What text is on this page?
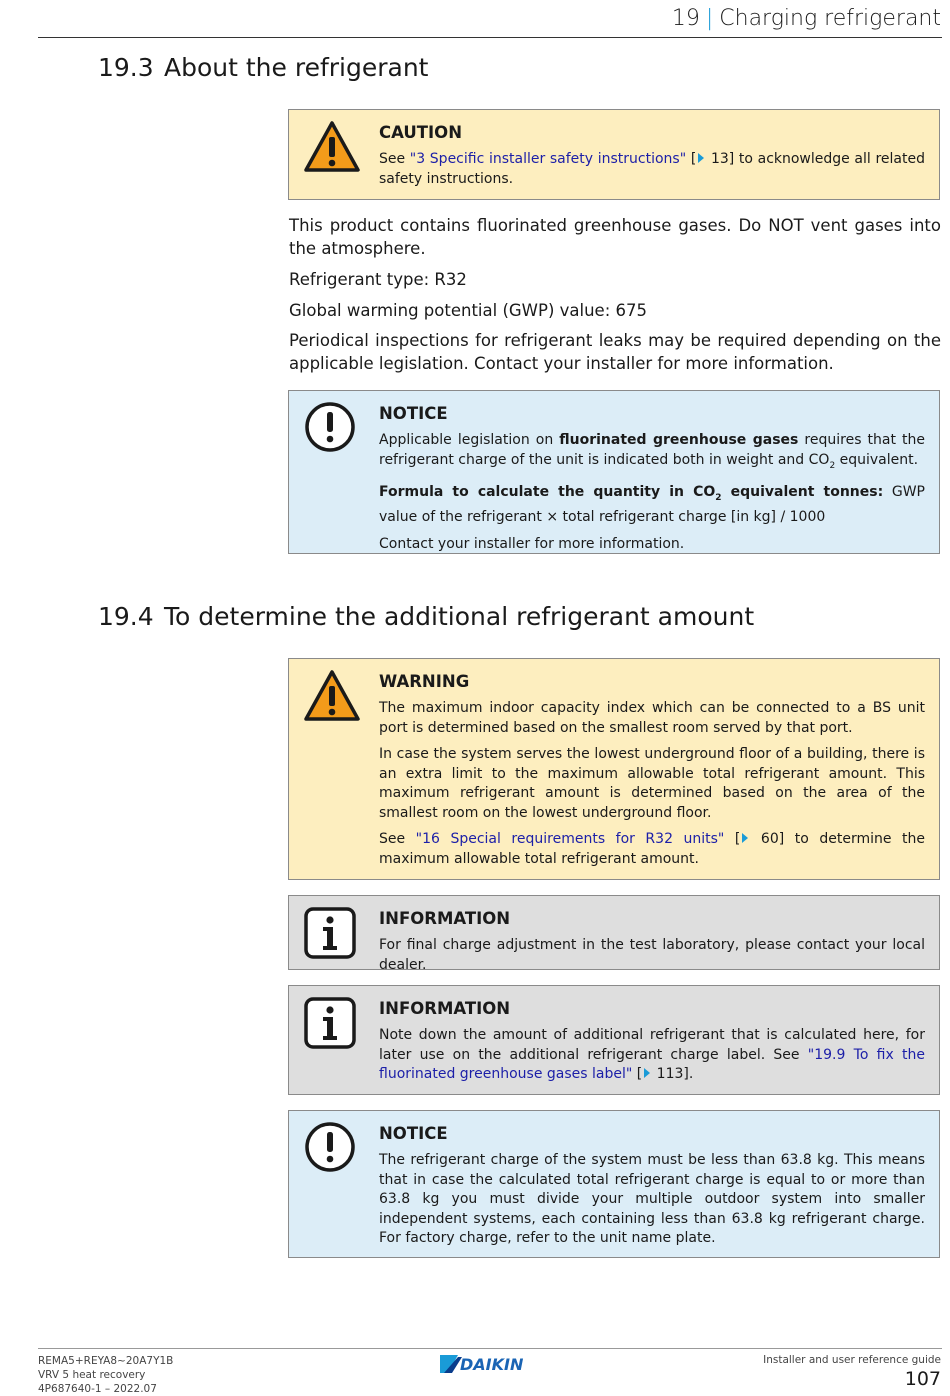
19 | Charging refrigerant
19.3 About the refrigerant
CAUTION

See "3 Specific installer safety instructions" [ 13] to acknowledge all related safety instructions.

This product contains fluorinated greenhouse gases. Do NOT vent gases into the atmosphere.
Refrigerant type: R32
Global warming potential (GWP) value: 675
Periodical inspections for refrigerant leaks may be required depending on the applicable legislation. Contact your installer for more information.
NOTICE

Applicable legislation on fluorinated greenhouse gases requires that the refrigerant charge of the unit is indicated both in weight and $CO_2$ equivalent.

Formula to calculate the quantity in $CO_2$ equivalent tonnes: GWP value of the refrigerant × total refrigerant charge [in kg] / 1000

Contact your installer for more information.

19.4 To determine the additional refrigerant amount
WARNING

The maximum indoor capacity index which can be connected to a BS unit port is determined based on the smallest room served by that port.

In case the system serves the lowest underground floor of a building, there is an extra limit to the maximum allowable total refrigerant amount. This maximum refrigerant amount is determined based on the area of the smallest room on the lowest underground floor.

See "16 Special requirements for R32 units" [ 60] to determine the maximum allowable total refrigerant amount.

INFORMATION

For final charge adjustment in the test laboratory, please contact your local dealer.

INFORMATION

Note down the amount of additional refrigerant that is calculated here, for later use on the additional refrigerant charge label. See "19.9 To fix the fluorinated greenhouse gases label" [ 113].

NOTICE

The refrigerant charge of the system must be less than 63.8 kg. This means that in case the calculated total refrigerant charge is equal to or more than 63.8 kg you must divide your multiple outdoor system into smaller independent systems, each containing less than 63.8 kg refrigerant charge. For factory charge, refer to the unit name plate.

REMA5+REYA8~20A7Y1B
VRV 5 heat recovery
4P687640-1 – 2022.07
DAIKIN	Installer and user reference guide
107
